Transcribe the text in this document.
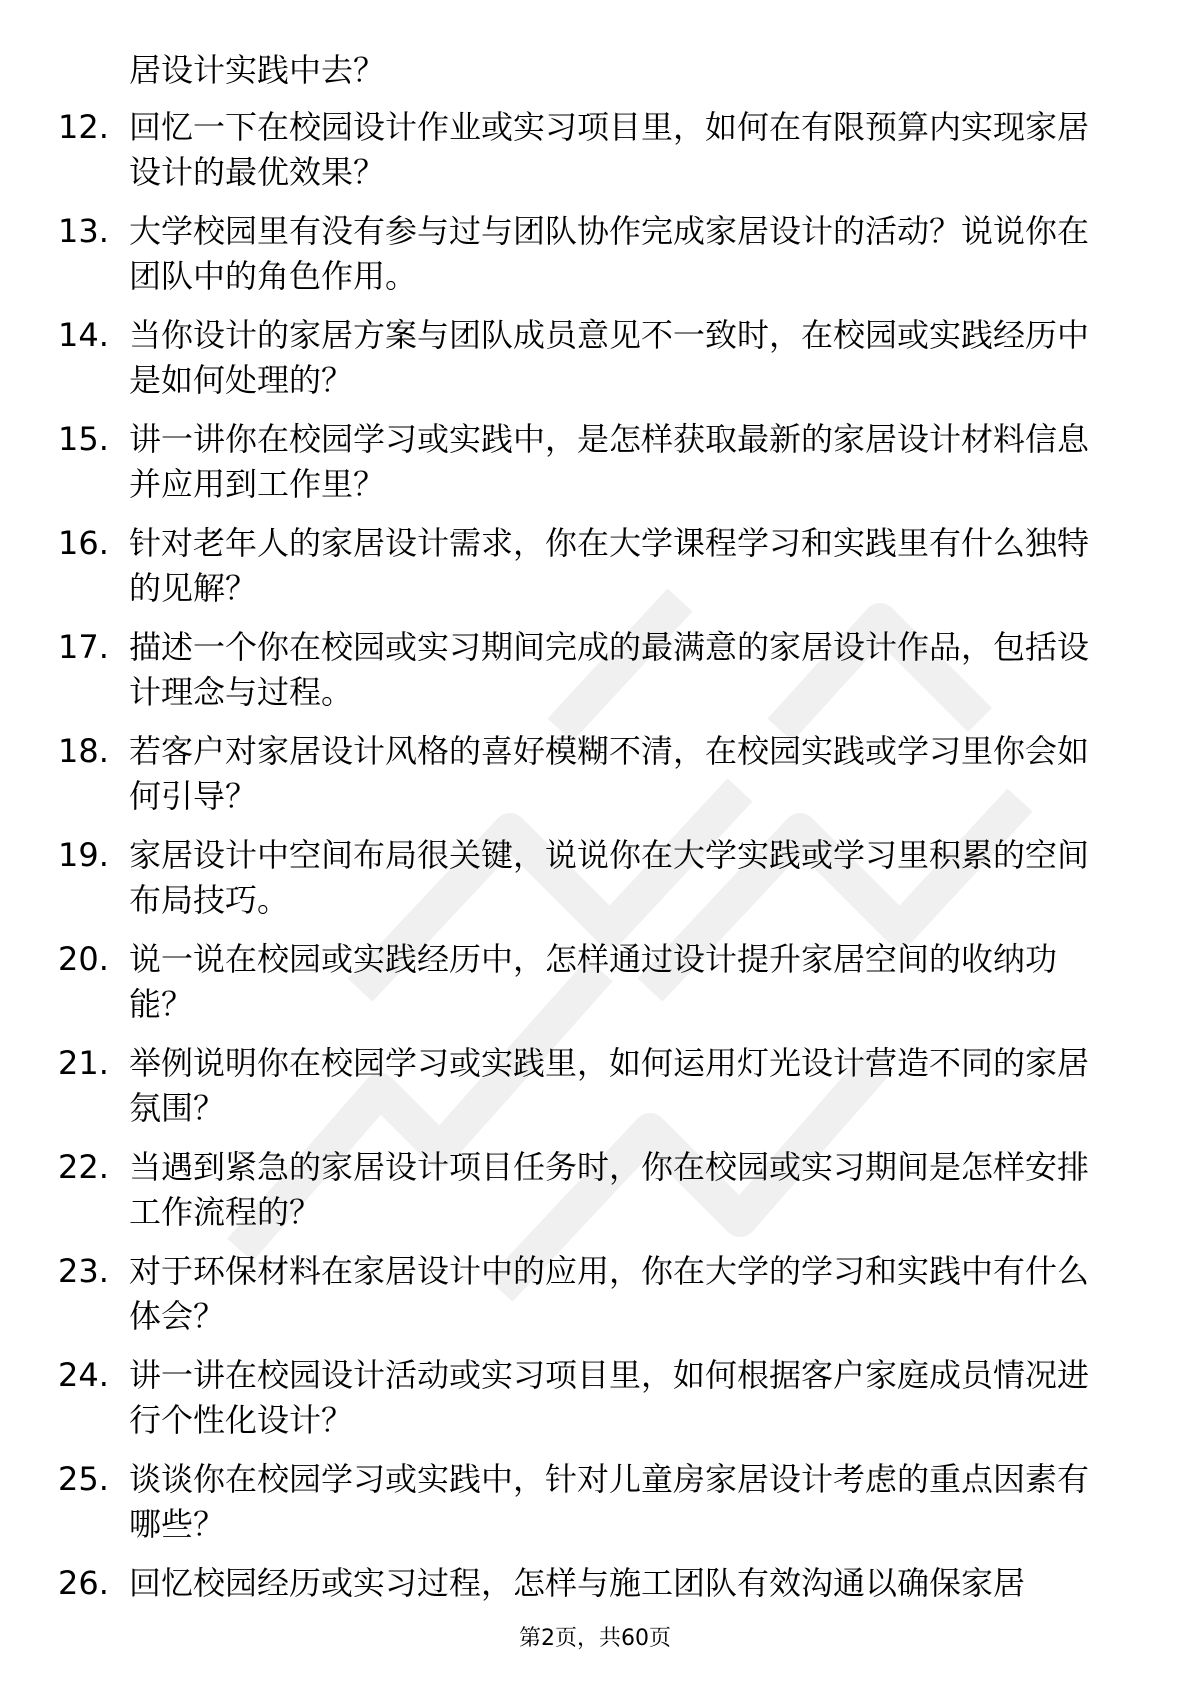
居设计实践中去？

12. 回忆一下在校园设计作业或实习项目里，如何在有限预算内实现家居设计的最优效果？
13. 大学校园里有没有参与过与团队协作完成家居设计的活动？说说你在团队中的角色作用。
14. 当你设计的家居方案与团队成员意见不一致时，在校园或实践经历中是如何处理的？
15. 讲一讲你在校园学习或实践中，是怎样获取最新的家居设计材料信息并应用到工作里？
16. 针对老年人的家居设计需求，你在大学课程学习和实践里有什么独特的见解？
17. 描述一个你在校园或实习期间完成的最满意的家居设计作品，包括设计理念与过程。
18. 若客户对家居设计风格的喜好模糊不清，在校园实践或学习里你会如何引导？
19. 家居设计中空间布局很关键，说说你在大学实践或学习里积累的空间布局技巧。
20. 说一说在校园或实践经历中，怎样通过设计提升家居空间的收纳功能？
21. 举例说明你在校园学习或实践里，如何运用灯光设计营造不同的家居氛围？
22. 当遇到紧急的家居设计项目任务时，你在校园或实习期间是怎样安排工作流程的？
23. 对于环保材料在家居设计中的应用，你在大学的学习和实践中有什么体会？
24. 讲一讲在校园设计活动或实习项目里，如何根据客户家庭成员情况进行个性化设计？
25. 谈谈你在校园学习或实践中，针对儿童房家居设计考虑的重点因素有哪些？
26. 回忆校园经历或实习过程，怎样与施工团队有效沟通以确保家居
第2页，共60页
